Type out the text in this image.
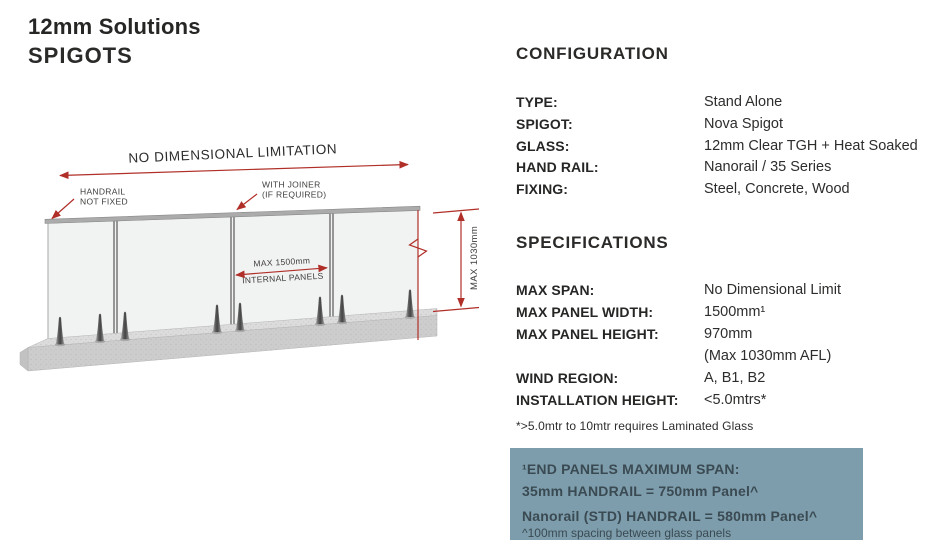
12mm Solutions
SPIGOTS
NO DIMENSIONAL LIMITATION
HANDRAIL
NOT FIXED
WITH JOINER
(IF REQUIRED)
MAX 1500mm
INTERNAL PANELS	MAX 1030mm
CONFIGURATION
TYPE:	Stand Alone
SPIGOT:	Nova Spigot
GLASS:	12mm Clear TGH + Heat Soaked
HAND RAIL:	Nanorail / 35 Series
FIXING:	Steel, Concrete, Wood
SPECIFICATIONS
MAX SPAN:	No Dimensional Limit
MAX PANEL WIDTH:	1500mm¹
MAX PANEL HEIGHT:	970mm
(Max 1030mm AFL)
WIND REGION:	A, B1, B2
INSTALLATION HEIGHT:	<5.0mtrs*
*>5.0mtr to 10mtr requires Laminated Glass
¹END PANELS MAXIMUM SPAN:
35mm HANDRAIL = 750mm Panel^
Nanorail (STD) HANDRAIL = 580mm Panel^
^100mm spacing between glass panels
